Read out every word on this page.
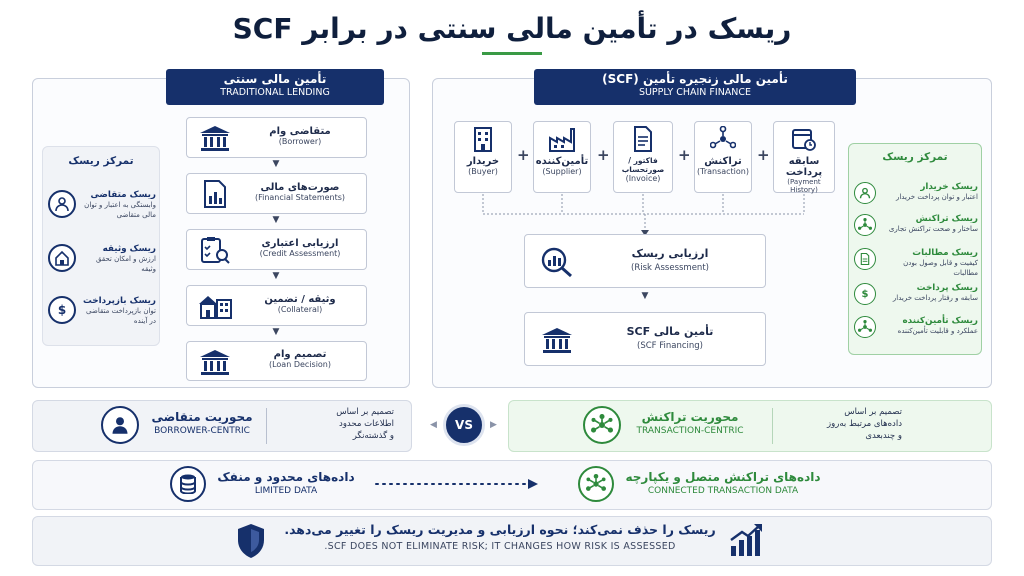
ریسک در تأمین مالی سنتی در برابر SCF
تأمین مالی سنتی
TRADITIONAL LENDING
متقاضی وام
(Borrower)
▼
صورت‌های مالی
(Financial Statements)
▼
ارزیابی اعتباری
(Credit Assessment)
▼
وثیقه / تضمین
(Collateral)
▼
تصمیم وام
(Loan Decision)
تمرکز ریسک
ریسک متقاضی
وابستگی به اعتبار و توان مالی متقاضی
ریسک وثیقه
ارزش و امکان تحقق وثیقه
ریسک بازپرداخت
توان بازپرداخت متقاضی در آینده
$
تأمین مالی زنجیره تأمین (SCF)
SUPPLY CHAIN FINANCE
خریدار
(Buyer)
+ تأمین‌کننده
(Supplier)
+	فاکتور / صورتحساب
(Invoice)
+	تراکنش
(Transaction)
+	سابقه پرداخت
(Payment History)
ارزیابی ریسک
(Risk Assessment)
▼
تأمین مالی SCF
(SCF Financing)
تمرکز ریسک
ریسک خریدار
اعتبار و توان پرداخت خریدار
ریسک تراکنش
ساختار و صحت تراکنش تجاری
ریسک مطالبات
کیفیت و قابل وصول بودن مطالبات
ریسک پرداخت
سابقه و رفتار پرداخت خریدار
$
ریسک تأمین‌کننده
عملکرد و قابلیت تأمین‌کننده
محوریت متقاضی
BORROWER-CENTRIC
تصمیم بر اساس
اطلاعات محدود
و گذشته‌نگر
VS
◀	▶
محوریت تراکنش
TRANSACTION-CENTRIC
تصمیم بر اساس
داده‌های مرتبط به‌روز
و چندبعدی
داده‌های محدود و منفک
LIMITED DATA
داده‌های تراکنش متصل و یکپارچه
CONNECTED TRANSACTION DATA
ریسک را حذف نمی‌کند؛ نحوه ارزیابی و مدیریت ریسک را تغییر می‌دهد.
SCF DOES NOT ELIMINATE RISK; IT CHANGES HOW RISK IS ASSESSED.
